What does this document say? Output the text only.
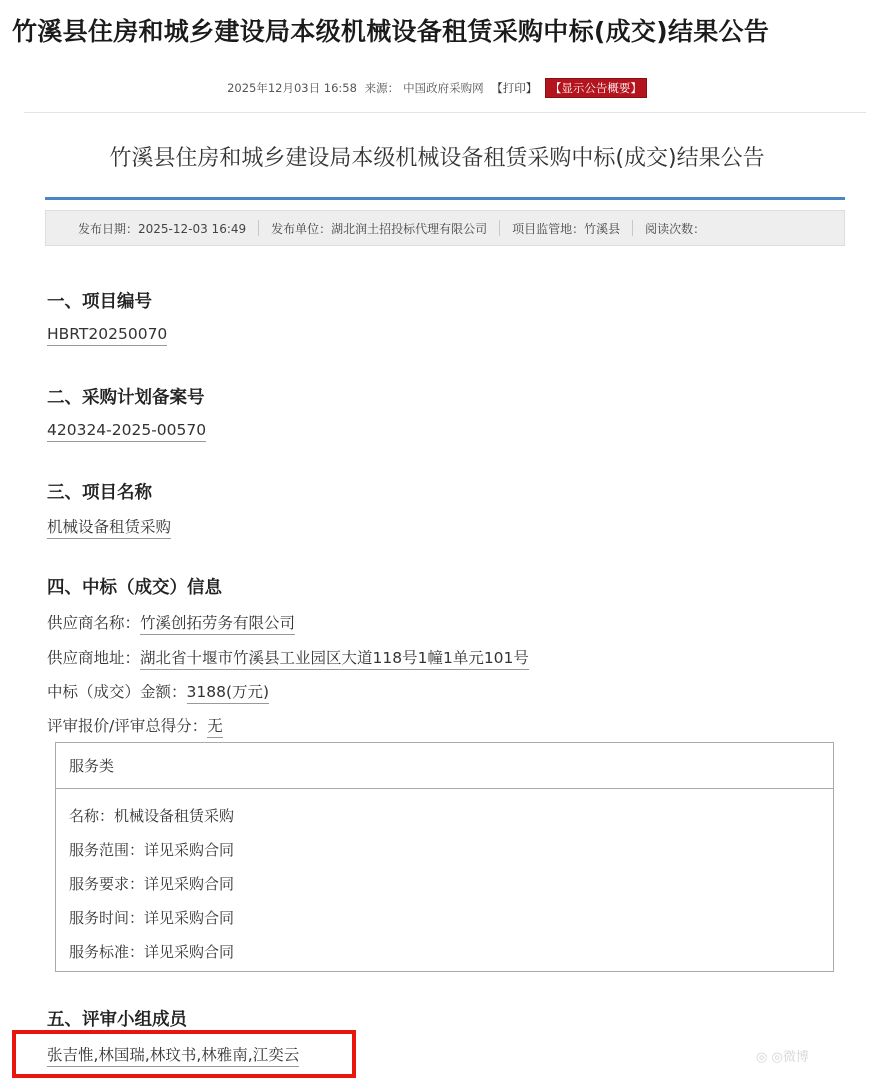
竹溪县住房和城乡建设局本级机械设备租赁采购中标(成交)结果公告
2025年12月03日 16:58 来源： 中国政府采购网 【打印】 【显示公告概要】
竹溪县住房和城乡建设局本级机械设备租赁采购中标(成交)结果公告
发布日期：2025-12-03 16:49	发布单位：湖北润土招投标代理有限公司	项目监管地：竹溪县	阅读次数：
一、项目编号
HBRT20250070
二、采购计划备案号
420324-2025-00570
三、项目名称
机械设备租赁采购
四、中标（成交）信息
供应商名称：竹溪创拓劳务有限公司
供应商地址：湖北省十堰市竹溪县工业园区大道118号1幢1单元101号
中标（成交）金额：3188(万元)
评审报价/评审总得分：无
服务类
名称：机械设备租赁采购
服务范围：详见采购合同
服务要求：详见采购合同
服务时间：详见采购合同
服务标准：详见采购合同
五、评审小组成员
张吉惟,林国瑞,林玟书,林雅南,江奕云	◎ ◎微博
